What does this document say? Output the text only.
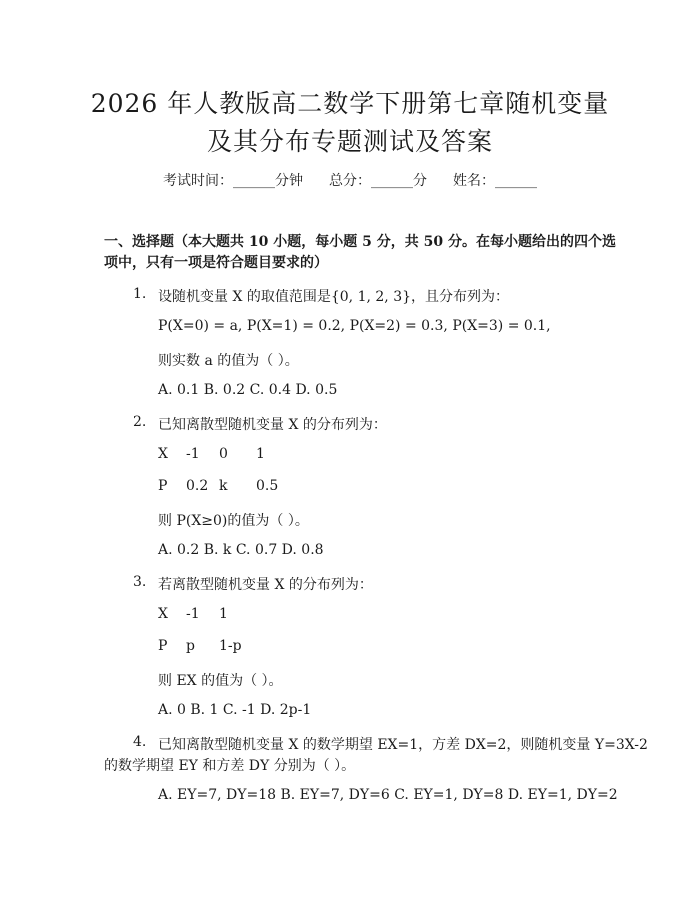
2026 年人教版高二数学下册第七章随机变量
及其分布专题测试及答案
考试时间：______分钟 总分：______分 姓名：______
一、选择题（本大题共 10 小题，每小题 5 分，共 50 分。在每小题给出的四个选
项中，只有一项是符合题目要求的）
1. 设随机变量 X 的取值范围是{0, 1, 2, 3}，且分布列为：
P(X=0) = a, P(X=1) = 0.2, P(X=2) = 0.3, P(X=3) = 0.1,
则实数 a 的值为（ ）。
A. 0.1 B. 0.2 C. 0.4 D. 0.5
2. 已知离散型随机变量 X 的分布列为：
X -1 0 1
P 0.2 k 0.5
则 P(X≥0)的值为（ ）。
A. 0.2 B. k C. 0.7 D. 0.8
3. 若离散型随机变量 X 的分布列为：
X -1 1
P p 1-p
则 EX 的值为（ ）。
A. 0 B. 1 C. -1 D. 2p-1
4. 已知离散型随机变量 X 的数学期望 EX=1，方差 DX=2，则随机变量 Y=3X-2
的数学期望 EY 和方差 DY 分别为（ ）。
A. EY=7, DY=18 B. EY=7, DY=6 C. EY=1, DY=8 D. EY=1, DY=2
